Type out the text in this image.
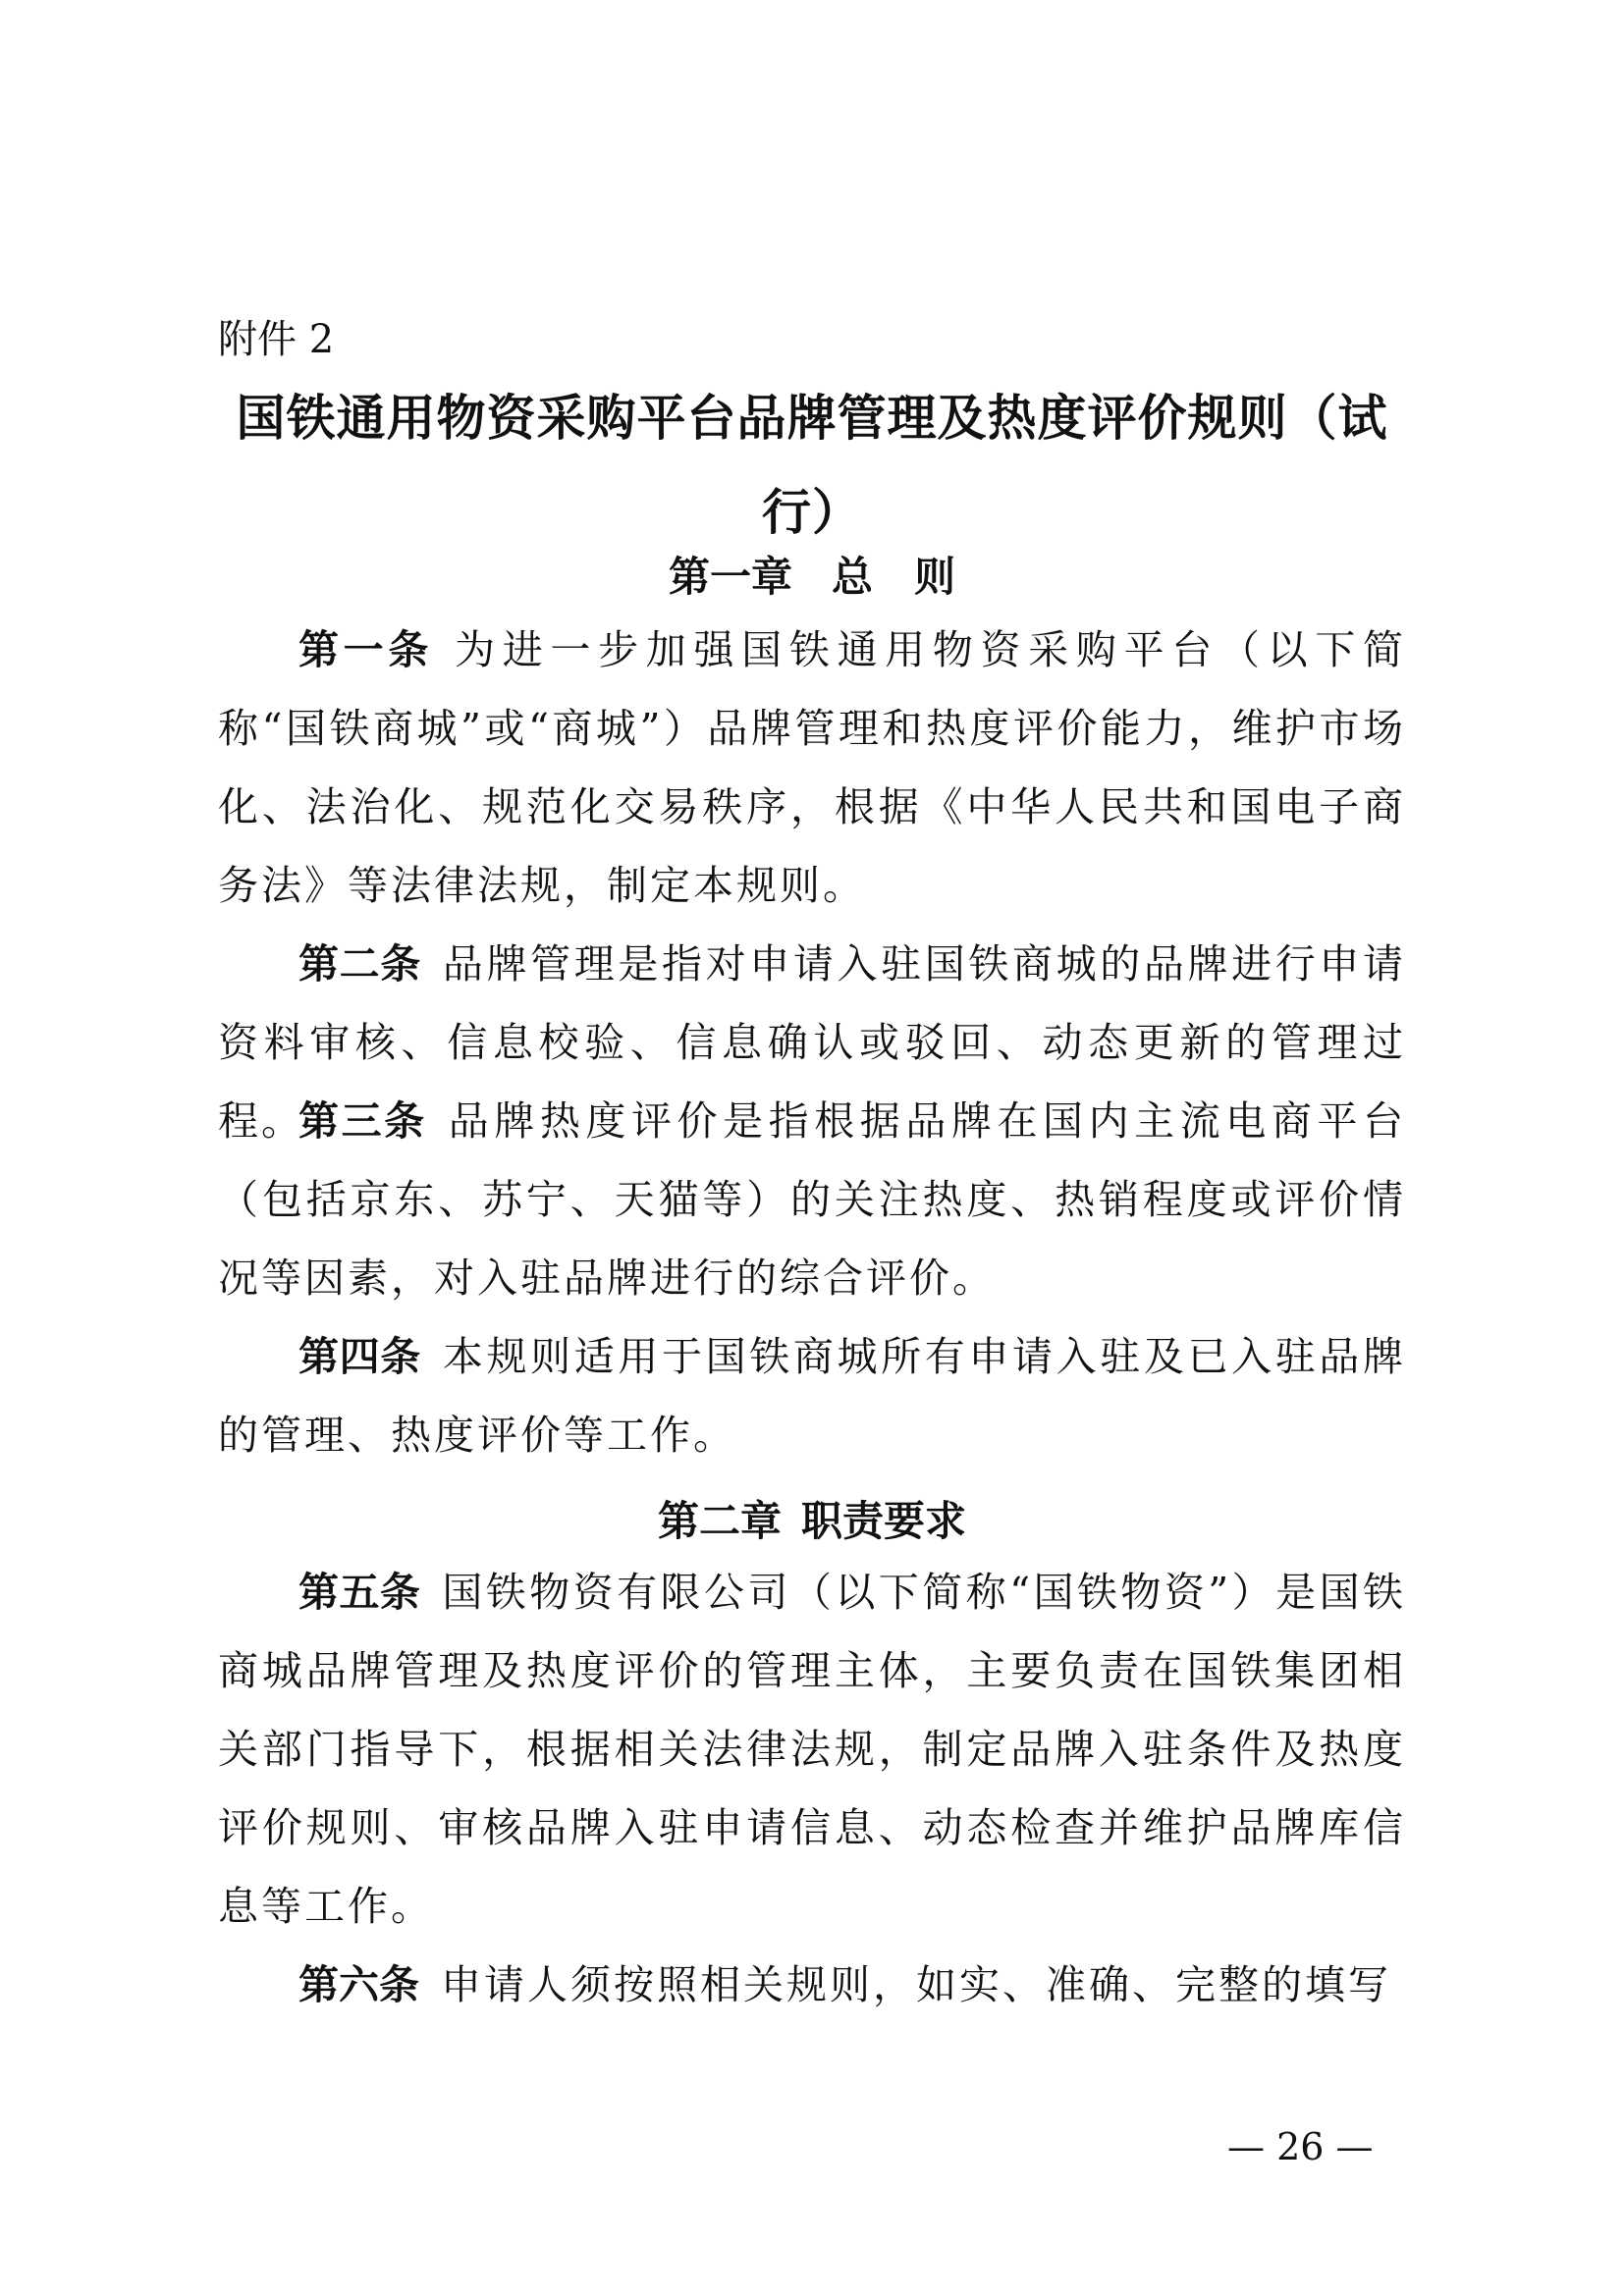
附件 2
国铁通用物资采购平台品牌管理及热度评价规则（试
行）
第一章 总　则
第一条 为进一步加强国铁通用物资采购平台（以下简称“国铁商城”或“商城”）品牌管理和热度评价能力，维护市场化、法治化、规范化交易秩序，根据《中华人民共和国电子商务法》等法律法规，制定本规则。
第二条 品牌管理是指对申请入驻国铁商城的品牌进行申请资料审核、信息校验、信息确认或驳回、动态更新的管理过程。
第三条 品牌热度评价是指根据品牌在国内主流电商平台（包括京东、苏宁、天猫等）的关注热度、热销程度或评价情况等因素，对入驻品牌进行的综合评价。
第四条 本规则适用于国铁商城所有申请入驻及已入驻品牌的管理、热度评价等工作。
第二章 职责要求
第五条 国铁物资有限公司（以下简称“国铁物资”）是国铁商城品牌管理及热度评价的管理主体，主要负责在国铁集团相关部门指导下，根据相关法律法规，制定品牌入驻条件及热度评价规则、审核品牌入驻申请信息、动态检查并维护品牌库信息等工作。
第六条 申请人须按照相关规则，如实、准确、完整的填写
— 26 —
